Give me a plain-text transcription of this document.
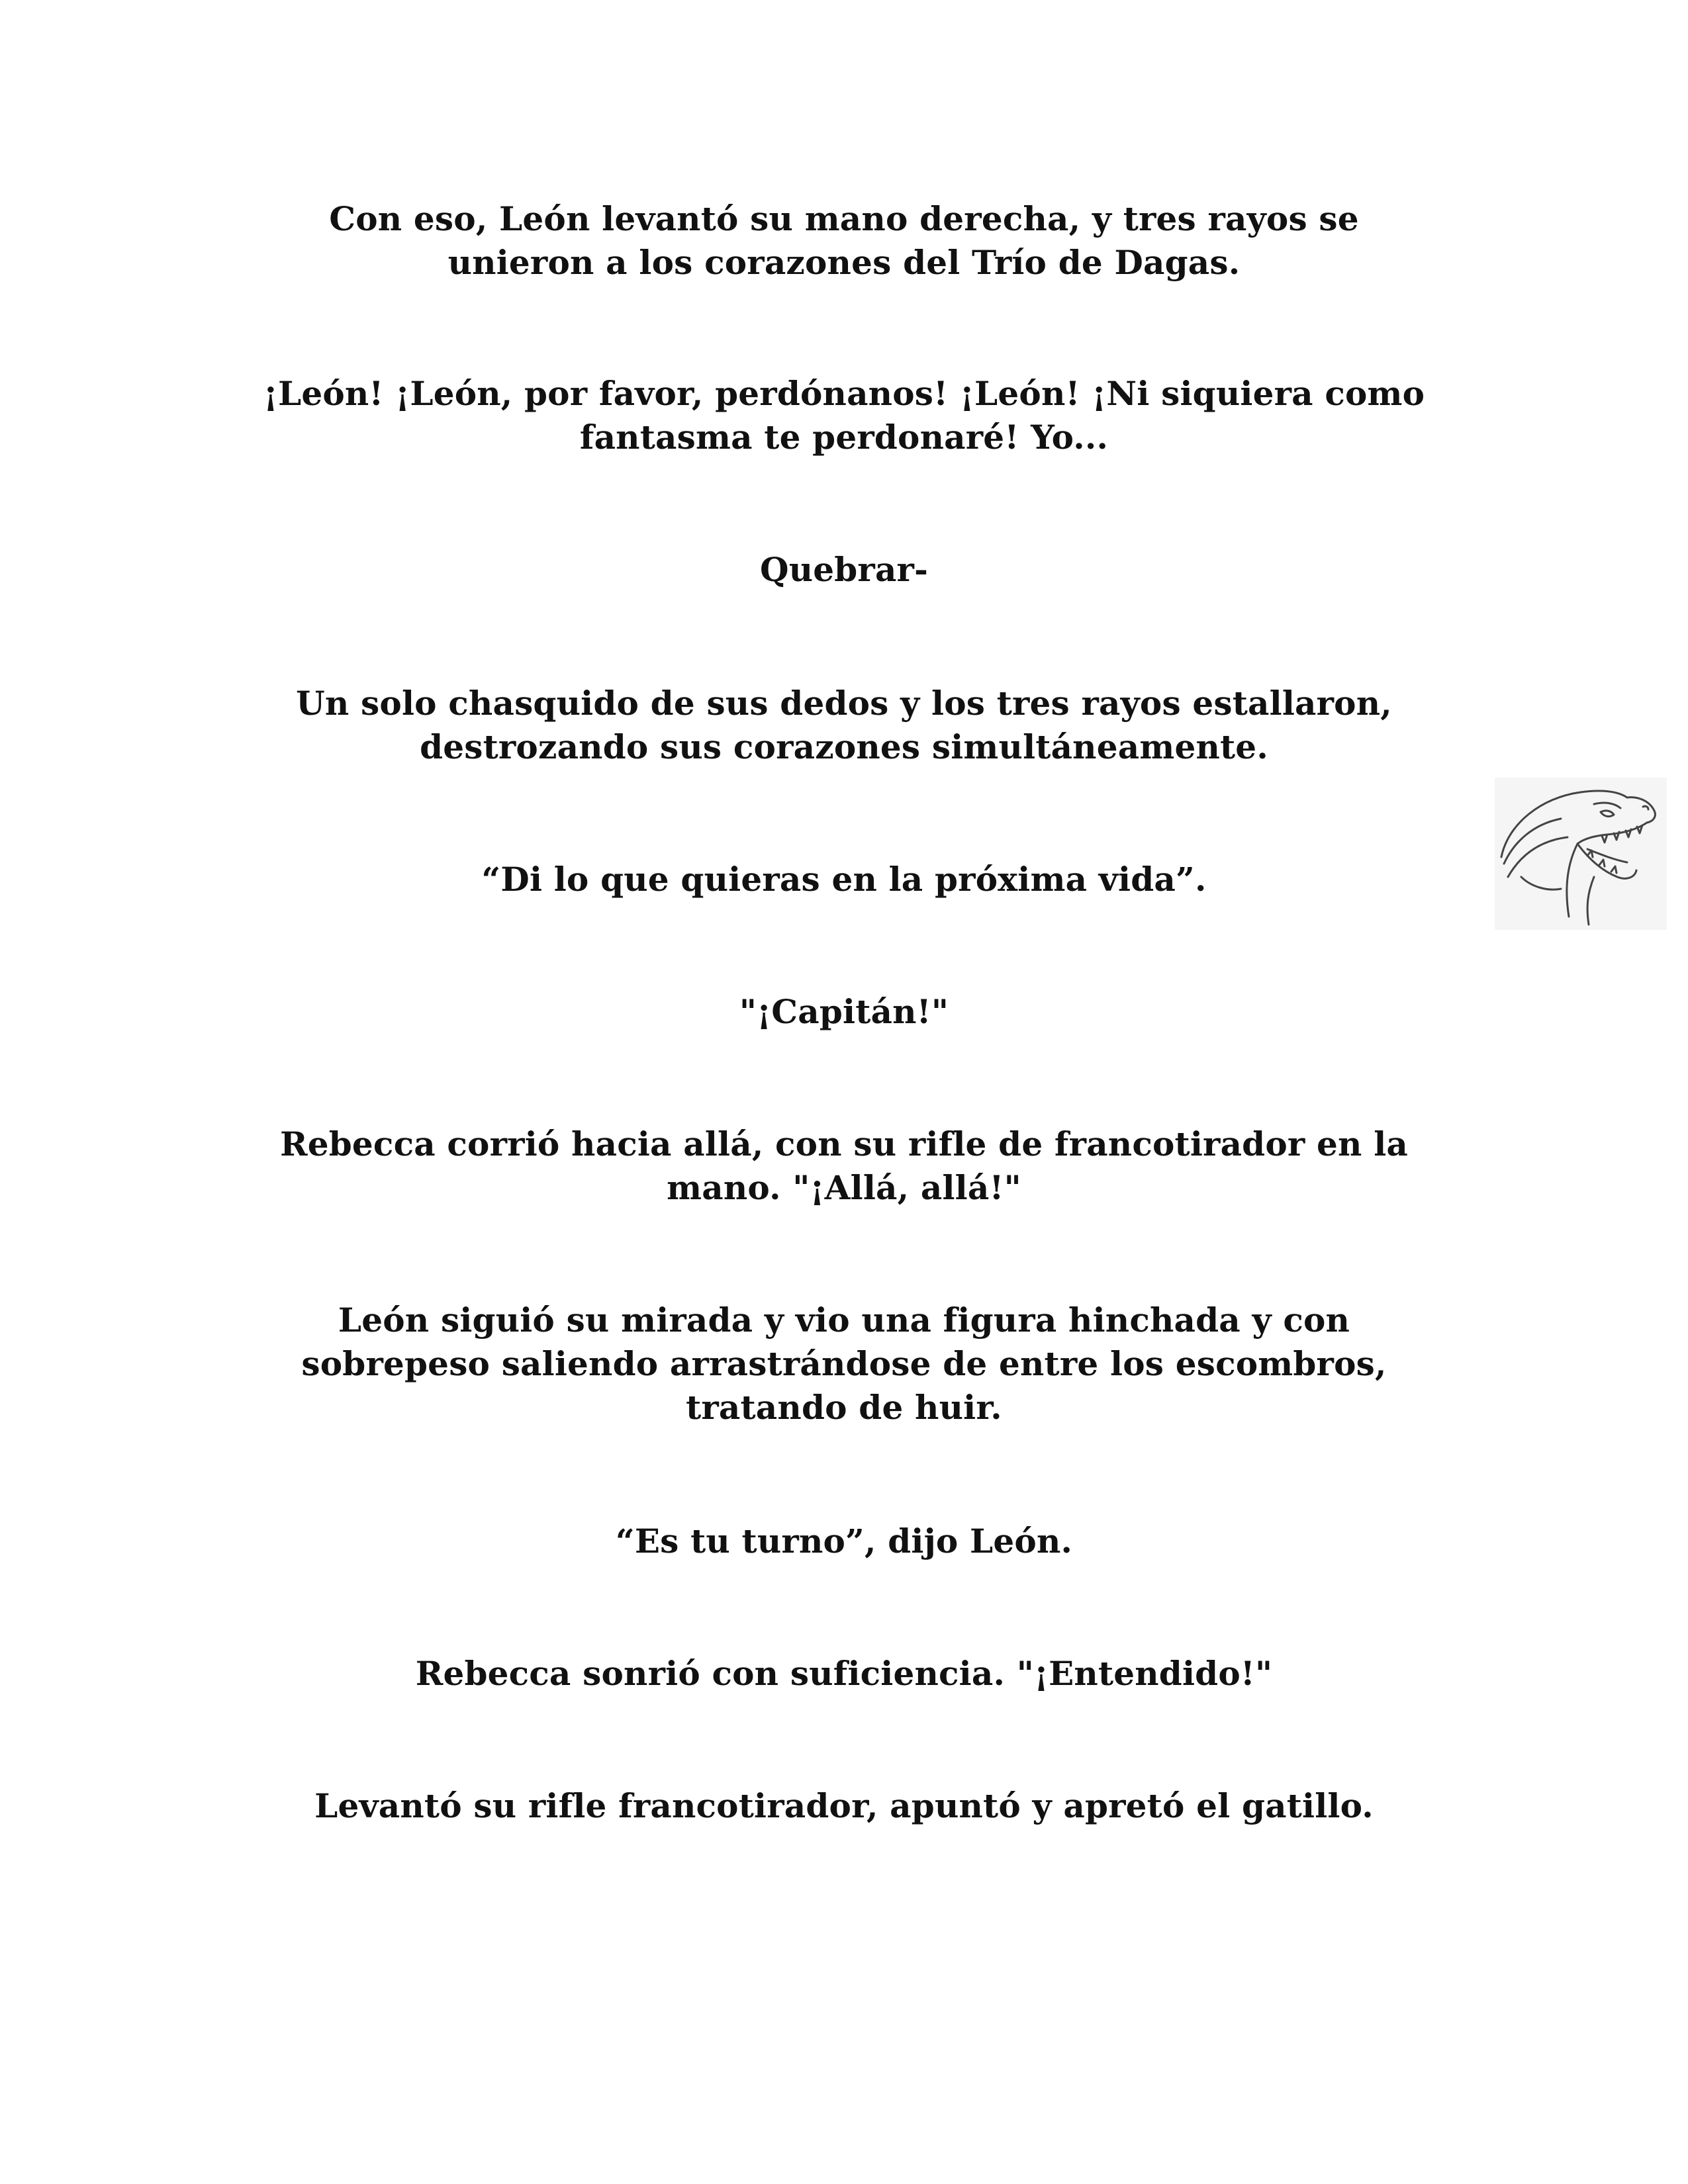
Con eso, León levantó su mano derecha, y tres rayos se
unieron a los corazones del Trío de Dagas.

¡León! ¡León, por favor, perdónanos! ¡León! ¡Ni siquiera como
fantasma te perdonaré! Yo...

Quebrar-

Un solo chasquido de sus dedos y los tres rayos estallaron,
destrozando sus corazones simultáneamente.

“Di lo que quieras en la próxima vida”.

"¡Capitán!"

Rebecca corrió hacia allá, con su rifle de francotirador en la
mano. "¡Allá, allá!"

León siguió su mirada y vio una figura hinchada y con
sobrepeso saliendo arrastrándose de entre los escombros,
tratando de huir.

“Es tu turno”, dijo León.

Rebecca sonrió con suficiencia. "¡Entendido!"

Levantó su rifle francotirador, apuntó y apretó el gatillo.
